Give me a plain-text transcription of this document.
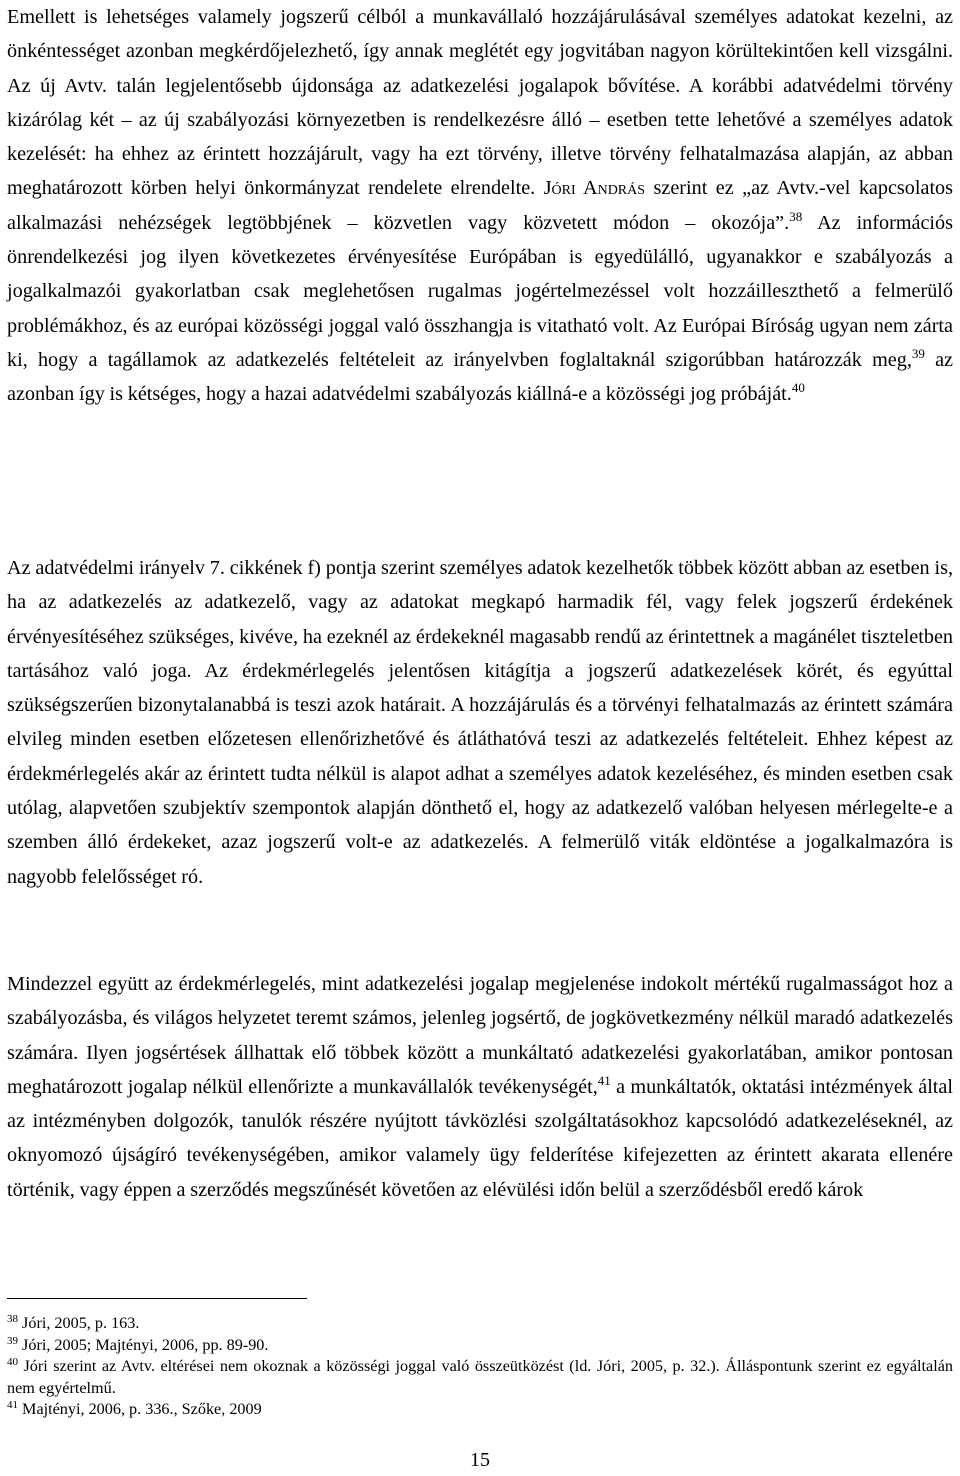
Emellett is lehetséges valamely jogszerű célból a munkavállaló hozzájárulásával személyes adatokat kezelni, az önkéntességet azonban megkérdőjelezhető, így annak meglétét egy jogvitában nagyon körültekintően kell vizsgálni. Az új Avtv. talán legjelentősebb újdonsága az adatkezelési jogalapok bővítése. A korábbi adatvédelmi törvény kizárólag két – az új szabályozási környezetben is rendelkezésre álló – esetben tette lehetővé a személyes adatok kezelését: ha ehhez az érintett hozzájárult, vagy ha ezt törvény, illetve törvény felhatalmazása alapján, az abban meghatározott körben helyi önkormányzat rendelete elrendelte. Jóri András szerint ez „az Avtv.-vel kapcsolatos alkalmazási nehézségek legtöbbjének – közvetlen vagy közvetett módon – okozója”.$^{38}$ Az információs önrendelkezési jog ilyen következetes érvényesítése Európában is egyedülálló, ugyanakkor e szabályozás a jogalkalmazói gyakorlatban csak meglehetősen rugalmas jogértelmezéssel volt hozzáilleszthető a felmerülő problémákhoz, és az európai közösségi joggal való összhangja is vitatható volt. Az Európai Bíróság ugyan nem zárta ki, hogy a tagállamok az adatkezelés feltételeit az irányelvben foglaltaknál szigorúbban határozzák meg,$^{39}$ az azonban így is kétséges, hogy a hazai adatvédelmi szabályozás kiállná-e a közösségi jog próbáját.$^{40}$

Az adatvédelmi irányelv 7. cikkének f) pontja szerint személyes adatok kezelhetők többek között abban az esetben is, ha az adatkezelés az adatkezelő, vagy az adatokat megkapó harmadik fél, vagy felek jogszerű érdekének érvényesítéséhez szükséges, kivéve, ha ezeknél az érdekeknél magasabb rendű az érintettnek a magánélet tiszteletben tartásához való joga. Az érdekmérlegelés jelentősen kitágítja a jogszerű adatkezelések körét, és egyúttal szükségszerűen bizonytalanabbá is teszi azok határait. A hozzájárulás és a törvényi felhatalmazás az érintett számára elvileg minden esetben előzetesen ellenőrizhetővé és átláthatóvá teszi az adatkezelés feltételeit. Ehhez képest az érdekmérlegelés akár az érintett tudta nélkül is alapot adhat a személyes adatok kezeléséhez, és minden esetben csak utólag, alapvetően szubjektív szempontok alapján dönthető el, hogy az adatkezelő valóban helyesen mérlegelte-e a szemben álló érdekeket, azaz jogszerű volt-e az adatkezelés. A felmerülő viták eldöntése a jogalkalmazóra is nagyobb felelősséget ró.

Mindezzel együtt az érdekmérlegelés, mint adatkezelési jogalap megjelenése indokolt mértékű rugalmasságot hoz a szabályozásba, és világos helyzetet teremt számos, jelenleg jogsértő, de jogkövetkezmény nélkül maradó adatkezelés számára. Ilyen jogsértések állhattak elő többek között a munkáltató adatkezelési gyakorlatában, amikor pontosan meghatározott jogalap nélkül ellenőrizte a munkavállalók tevékenységét,$^{41}$ a munkáltatók, oktatási intézmények által az intézményben dolgozók, tanulók részére nyújtott távközlési szolgáltatásokhoz kapcsolódó adatkezeléseknél, az oknyomozó újságíró tevékenységében, amikor valamely ügy felderítése kifejezetten az érintett akarata ellenére történik, vagy éppen a szerződés megszűnését követően az elévülési időn belül a szerződésből eredő károk

$^{38}$ Jóri, 2005, p. 163.

$^{39}$ Jóri, 2005; Majtényi, 2006, pp. 89-90.

$^{40}$ Jóri szerint az Avtv. eltérései nem okoznak a közösségi joggal való összeütközést (ld. Jóri, 2005, p. 32.). Álláspontunk szerint ez egyáltalán nem egyértelmű.

$^{41}$ Majtényi, 2006, p. 336., Szőke, 2009

15
